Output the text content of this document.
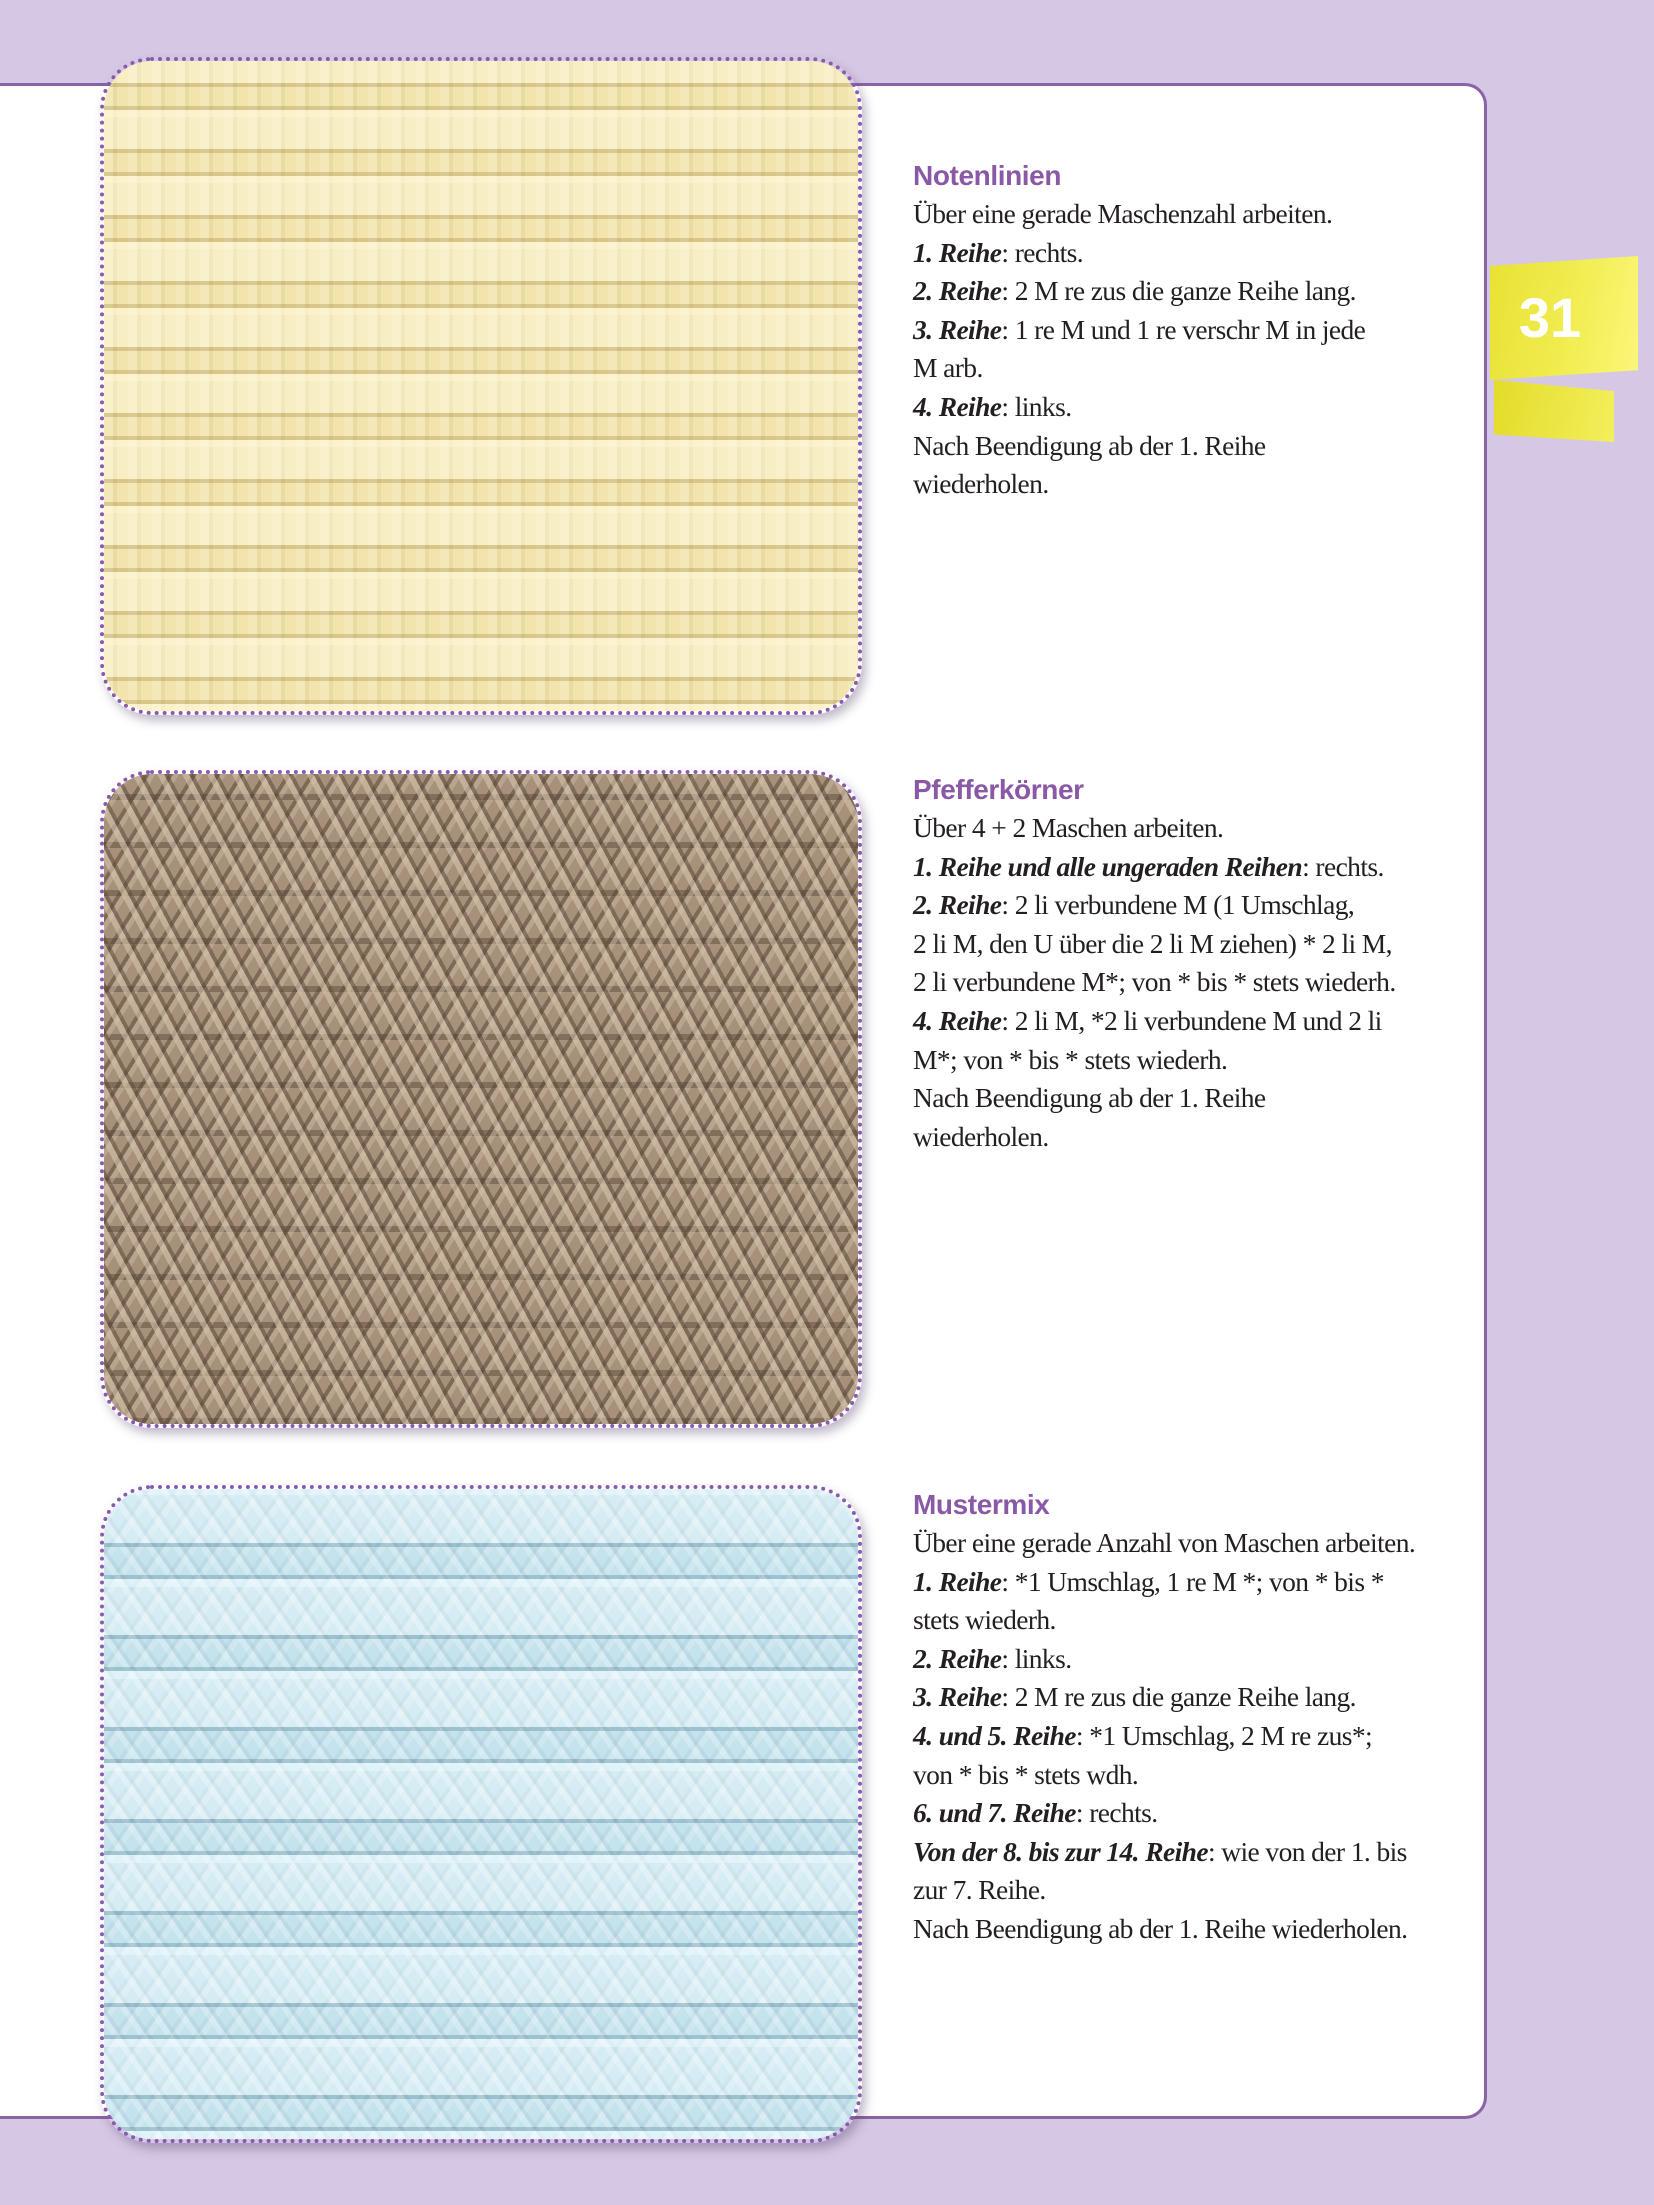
31
Notenlinien
Über eine gerade Maschenzahl arbeiten.
1. Reihe: rechts.
2. Reihe: 2 M re zus die ganze Reihe lang.
3. Reihe: 1 re M und 1 re verschr M in jede
M arb.
4. Reihe: links.
Nach Beendigung ab der 1. Reihe
wiederholen.
Pfefferkörner
Über 4 + 2 Maschen arbeiten.
1. Reihe und alle ungeraden Reihen: rechts.
2. Reihe: 2 li verbundene M (1 Umschlag,
2 li M, den U über die 2 li M ziehen) * 2 li M,
2 li verbundene M*; von * bis * stets wiederh.
4. Reihe: 2 li M, *2 li verbundene M und 2 li
M*; von * bis * stets wiederh.
Nach Beendigung ab der 1. Reihe
wiederholen.
Mustermix
Über eine gerade Anzahl von Maschen arbeiten.
1. Reihe: *1 Umschlag, 1 re M *; von * bis *
stets wiederh.
2. Reihe: links.
3. Reihe: 2 M re zus die ganze Reihe lang.
4. und 5. Reihe: *1 Umschlag, 2 M re zus*;
von * bis * stets wdh.
6. und 7. Reihe: rechts.
Von der 8. bis zur 14. Reihe: wie von der 1. bis
zur 7. Reihe.
Nach Beendigung ab der 1. Reihe wiederholen.
